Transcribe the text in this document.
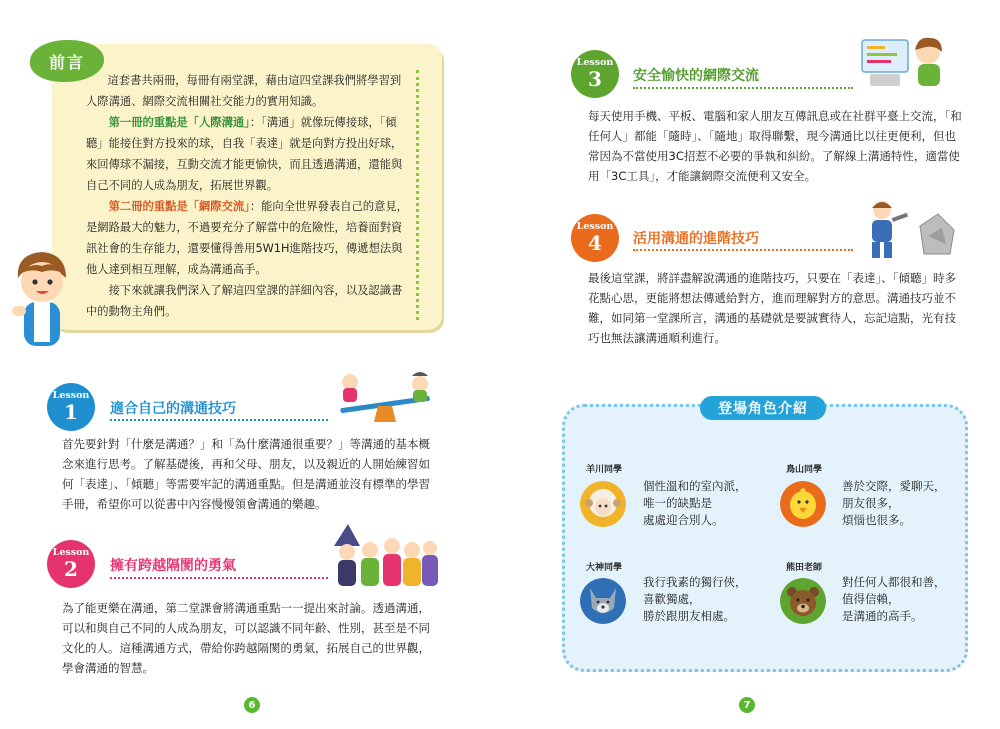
前言

這套書共兩冊，每冊有兩堂課，藉由這四堂課我們將學習到人際溝通、網際交流相關社交能力的實用知識。

第一冊的重點是「人際溝通」：「溝通」就像玩傳接球，「傾聽」能接住對方投來的球，自我「表達」就是向對方投出好球，來回傳球不漏接，互動交流才能更愉快，而且透過溝通，還能與自己不同的人成為朋友，拓展世界觀。

第二冊的重點是「網際交流」：能向全世界發表自己的意見，是網路最大的魅力，不過要充分了解當中的危險性，培養面對資訊社會的生存能力，還要懂得善用5W1H進階技巧，傳遞想法與他人達到相互理解，成為溝通高手。

接下來就讓我們深入了解這四堂課的詳細內容，以及認識書中的動物主角們。

Lesson
1	適合自己的溝通技巧
首先要針對「什麼是溝通？」和「為什麼溝通很重要？」等溝通的基本概念來進行思考。了解基礎後，再和父母、朋友，以及親近的人開始練習如何「表達」、「傾聽」等需要牢記的溝通重點。但是溝通並沒有標準的學習手冊，希望你可以從書中內容慢慢領會溝通的樂趣。
Lesson
2	擁有跨越隔閡的勇氣
為了能更樂在溝通，第二堂課會將溝通重點一一提出來討論。透過溝通，可以和與自己不同的人成為朋友，可以認識不同年齡、性別，甚至是不同文化的人。這種溝通方式，帶給你跨越隔閡的勇氣，拓展自己的世界觀，學會溝通的智慧。
6
Lesson
3	安全愉快的網際交流
每天使用手機、平板、電腦和家人朋友互傳訊息或在社群平臺上交流，「和任何人」都能「隨時」、「隨地」取得聯繫，現今溝通比以往更便利，但也常因為不當使用3C招惹不必要的爭執和糾紛。了解線上溝通特性，適當使用「3C工具」，才能讓網際交流便利又安全。
Lesson
4	活用溝通的進階技巧
最後這堂課，將詳盡解說溝通的進階技巧，只要在「表達」、「傾聽」時多花點心思，更能將想法傳遞給對方，進而理解對方的意思。溝通技巧並不難，如同第一堂課所言，溝通的基礎就是要誠實待人，忘記這點，光有技巧也無法讓溝通順利進行。
登場角色介紹
羊川同學
個性溫和的室內派，
唯一的缺點是
處處迎合別人。
鳥山同學
善於交際，愛聊天，
朋友很多，
煩惱也很多。
大神同學
我行我素的獨行俠，
喜歡獨處，
勝於跟朋友相處。
熊田老師
對任何人都很和善，
值得信賴，
是溝通的高手。
7
